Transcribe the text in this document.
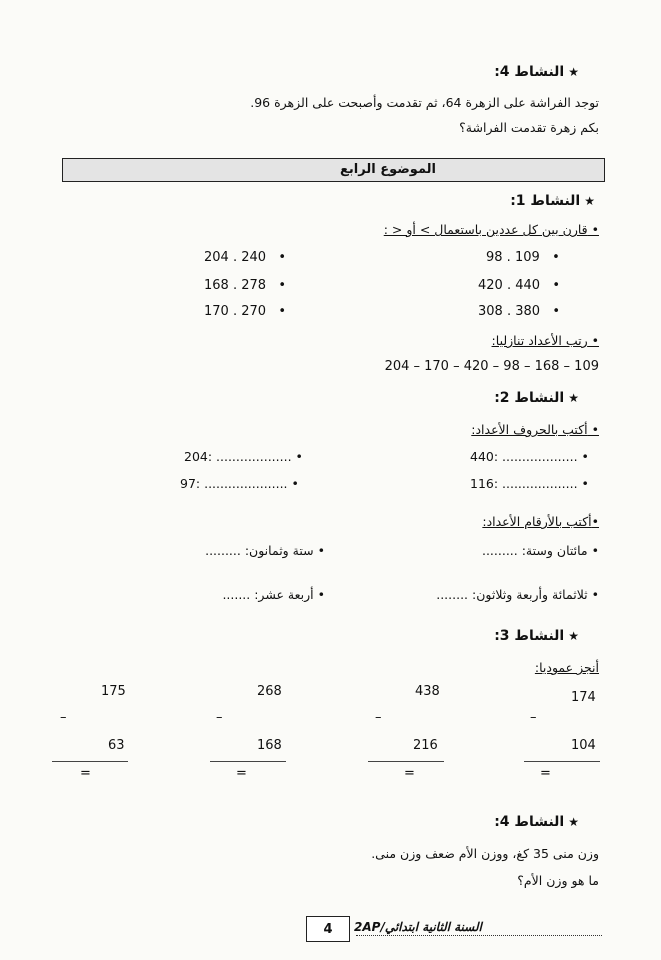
★النشاط 4:
توجد الفراشة على الزهرة 64، ثم تقدمت وأصبحت على الزهرة 96.
بكم زهرة تقدمت الفراشة؟
الموضوع الرابع
★النشاط 1:
• قارن بين كل عددين باستعمال > أو < :
98 . 109   •
420 . 440   •
308 . 380   •
204 . 240   •
168 . 278   •
170 . 270   •
• رتب الأعداد تنازليا:
204 – 170 – 420 – 98 – 168 – 109
★النشاط 2:
• أكتب بالحروف الأعداد:
440: ................... •
204: ................... •
116: ................... •
97: ..................... •
•أكتب بالأرقام الأعداد:
• مائتان وستة: .........
• ستة وثمانون: .........
• ثلاثمائة وأربعة وثلاثون: ........
• أربعة عشر: .......
★النشاط 3:
أنجز عموديا:
174
–
104
=
438
–
216
=
268
–
168
=
175
–
63
=
★النشاط 4:
وزن منى 35 كغ، ووزن الأم ضعف وزن منى.
ما هو وزن الأم؟
4	السنة الثانية ابتدائي/2AP
